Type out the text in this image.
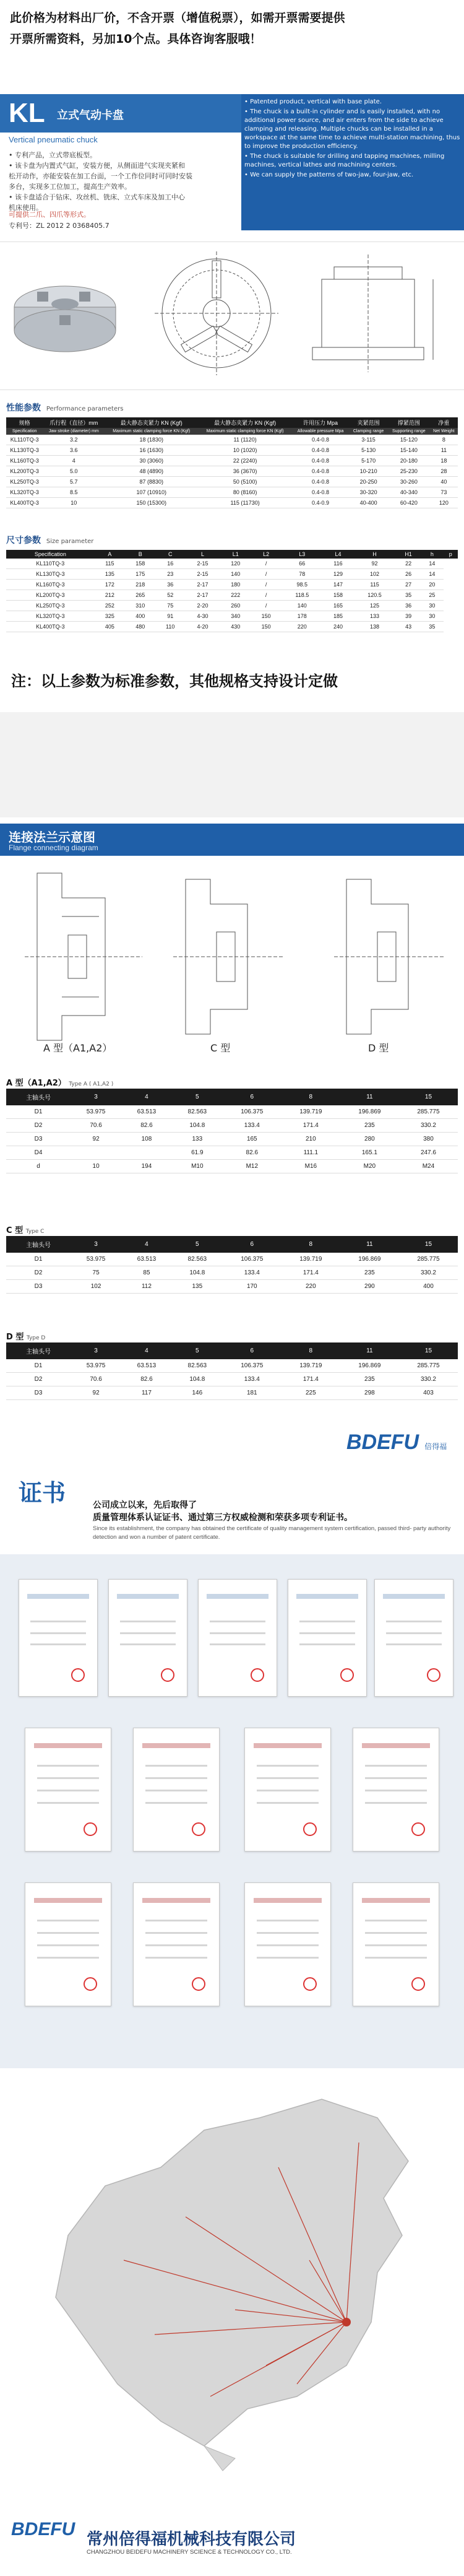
此价格为材料出厂价，不含开票（增值税票），如需开票需要提供
开票所需资料，另加10个点。具体咨询客服哦！
KL 立式气动卡盘
Vertical pneumatic chuck
• 专利产品，立式带底板型。
• 该卡盘为内置式气缸，安装方便，从侧面进气实现夹紧和
松开动作，亦能安装在加工台面，一个工作位同时可同时安装
多台，实现多工位加工，提高生产效率。
• 该卡盘适合于钻床、攻丝机、铣床、立式车床及加工中心
机床使用。
可提供二爪、四爪等形式。
专利号：ZL 2012 2 0368405.7
• Patented product, vertical with base plate.
• The chuck is a built-in cylinder and is easily installed, with no additional power source, and air enters from the side to achieve clamping and releasing. Multiple chucks can be installed in a workspace at the same time to achieve multi-station machining, thus to improve the production efficiency.
• The chuck is suitable for drilling and tapping machines, milling machines, vertical lathes and machining centers.
• We can supply the patterns of two-jaw, four-jaw, etc.
性能参数 Performance parameters
规格	爪行程（直径）mm	最大静态夹紧力 KN (Kgf)	最大静态夹紧力 KN (Kgf)	许用压力 Mpa	夹紧范围	撑紧范围	净重
Specification	Jaw stroke (diameter) mm	Maximum static clamping force KN (Kgf)	Maximum static clamping force KN (Kgf)	Allowable pressure Mpa	Clamping range	Supporting range	Net Weight
KL110TQ-3	3.2	18 (1830)	11 (1120)	0.4-0.8	3-115	15-120	8
KL130TQ-3	3.6	16 (1630)	10 (1020)	0.4-0.8	5-130	15-140	11
KL160TQ-3	4	30 (3060)	22 (2240)	0.4-0.8	5-170	20-180	18
KL200TQ-3	5.0	48 (4890)	36 (3670)	0.4-0.8	10-210	25-230	28
KL250TQ-3	5.7	87 (8830)	50 (5100)	0.4-0.8	20-250	30-260	40
KL320TQ-3	8.5	107 (10910)	80 (8160)	0.4-0.8	30-320	40-340	73
KL400TQ-3	10	150 (15300)	115 (11730)	0.4-0.9	40-400	60-420	120
尺寸参数 Size parameter
Specification	A	B	C	L	L1	L2	L3	L4	H	H1	h	p
KL110TQ-3	115	158	16	2-15	120	/	66	116	92	22	14	
KL130TQ-3	135	175	23	2-15	140	/	78	129	102	26	14	
KL160TQ-3	172	218	36	2-17	180	/	98.5	147	115	27	20	
KL200TQ-3	212	265	52	2-17	222	/	118.5	158	120.5	35	25	
KL250TQ-3	252	310	75	2-20	260	/	140	165	125	36	30	
KL320TQ-3	325	400	91	4-30	340	150	178	185	133	39	30	
KL400TQ-3	405	480	110	4-20	430	150	220	240	138	43	35	
注：以上参数为标准参数，其他规格支持设计定做
连接法兰示意图
Flange connecting diagram
A 型（A1,A2）	C 型	D 型
A 型（A1,A2） Type A ( A1,A2 )
主轴头号	3	4	5	6	8	11	15
D1	53.975	63.513	82.563	106.375	139.719	196.869	285.775
D2	70.6	82.6	104.8	133.4	171.4	235	330.2
D3	92	108	133	165	210	280	380
D4			61.9	82.6	111.1	165.1	247.6
d	10	194	M10	M12	M16	M20	M24
C 型 Type C
主轴头号	3	4	5	6	8	11	15
D1	53.975	63.513	82.563	106.375	139.719	196.869	285.775
D2	75	85	104.8	133.4	171.4	235	330.2
D3	102	112	135	170	220	290	400
D 型 Type D
主轴头号	3	4	5	6	8	11	15
D1	53.975	63.513	82.563	106.375	139.719	196.869	285.775
D2	70.6	82.6	104.8	133.4	171.4	235	330.2
D3	92	117	146	181	225	298	403
BDEFU 倍得福
证书	公司成立以来，先后取得了
质量管理体系认证证书、通过第三方权威检测和荣获多项专利证书。
Since its establishment, the company has obtained the certificate of quality management system certification, passed third- party authority detection and won a number of patent certificate.
BDEFU 常州倍得福机械科技有限公司
CHANGZHOU BEIDEFU MACHINERY SCIENCE & TECHNOLOGY CO., LTD.
